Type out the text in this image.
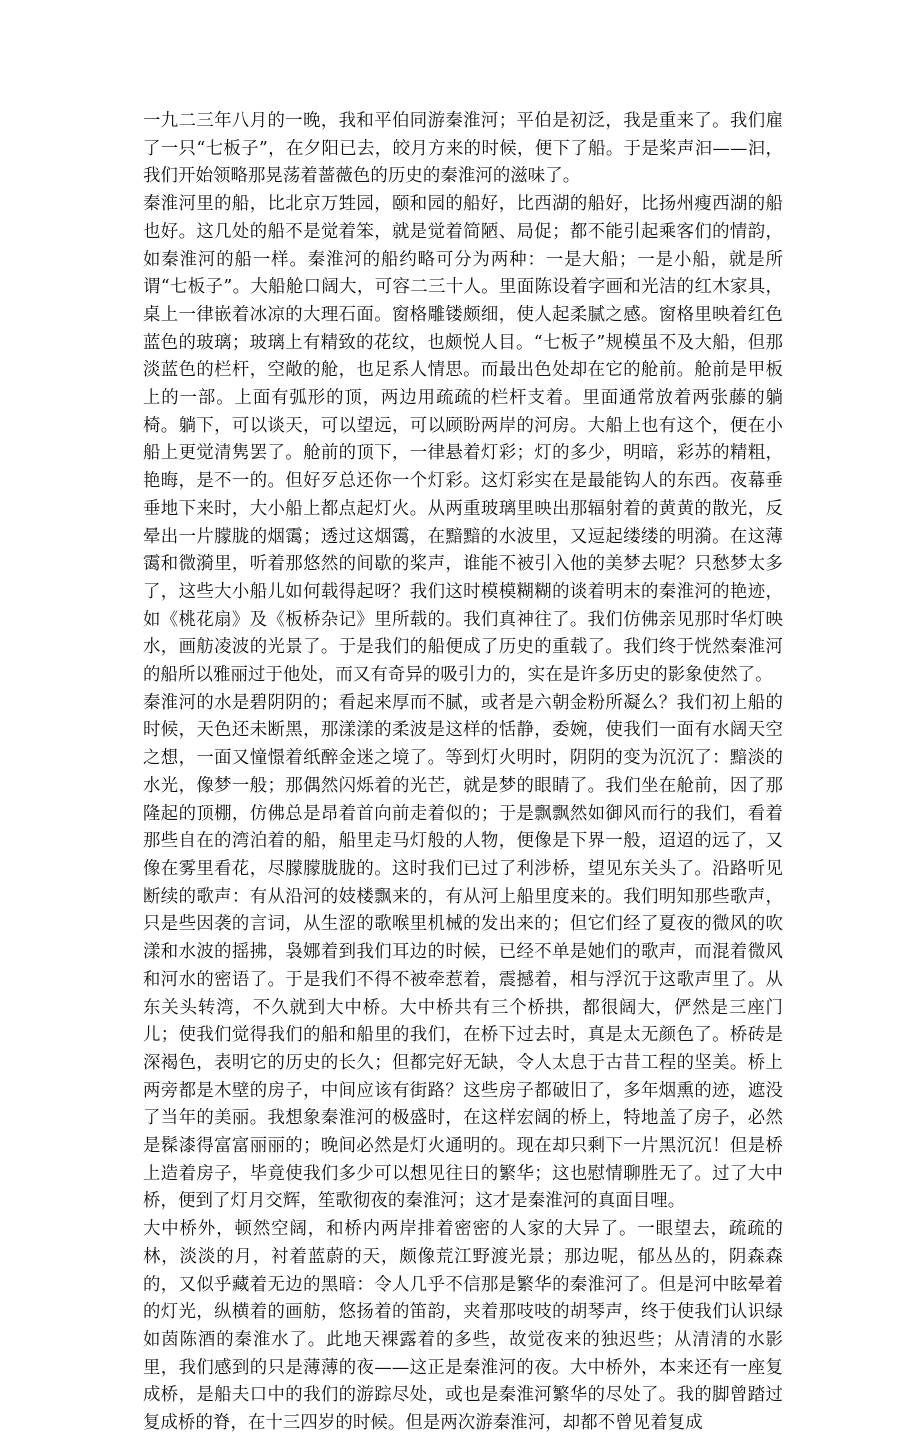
一九二三年八月的一晚，我和平伯同游秦淮河；平伯是初泛，我是重来了。我们雇了一只“七板子”，在夕阳已去，皎月方来的时候，便下了船。于是桨声汩——汩，我们开始领略那晃荡着蔷薇色的历史的秦淮河的滋味了。

秦淮河里的船，比北京万甡园，颐和园的船好，比西湖的船好，比扬州瘦西湖的船也好。这几处的船不是觉着笨，就是觉着简陋、局促；都不能引起乘客们的情韵，如秦淮河的船一样。秦淮河的船约略可分为两种：一是大船；一是小船，就是所谓“七板子”。大船舱口阔大，可容二三十人。里面陈设着字画和光洁的红木家具，桌上一律嵌着冰凉的大理石面。窗格雕镂颇细，使人起柔腻之感。窗格里映着红色蓝色的玻璃；玻璃上有精致的花纹，也颇悦人目。“七板子”规模虽不及大船，但那淡蓝色的栏杆，空敞的舱，也足系人情思。而最出色处却在它的舱前。舱前是甲板上的一部。上面有弧形的顶，两边用疏疏的栏杆支着。里面通常放着两张藤的躺椅。躺下，可以谈天，可以望远，可以顾盼两岸的河房。大船上也有这个，便在小船上更觉清隽罢了。舱前的顶下，一律悬着灯彩；灯的多少，明暗，彩苏的精粗，艳晦，是不一的。但好歹总还你一个灯彩。这灯彩实在是最能钩人的东西。夜幕垂垂地下来时，大小船上都点起灯火。从两重玻璃里映出那辐射着的黄黄的散光，反晕出一片朦胧的烟霭；透过这烟霭，在黯黯的水波里，又逗起缕缕的明漪。在这薄霭和微漪里，听着那悠然的间歇的桨声，谁能不被引入他的美梦去呢？只愁梦太多了，这些大小船儿如何载得起呀？我们这时模模糊糊的谈着明末的秦淮河的艳迹，如《桃花扇》及《板桥杂记》里所载的。我们真神往了。我们仿佛亲见那时华灯映水，画舫凌波的光景了。于是我们的船便成了历史的重载了。我们终于恍然秦淮河的船所以雅丽过于他处，而又有奇异的吸引力的，实在是许多历史的影象使然了。

秦淮河的水是碧阴阴的；看起来厚而不腻，或者是六朝金粉所凝么？我们初上船的时候，天色还未断黑，那漾漾的柔波是这样的恬静，委婉，使我们一面有水阔天空之想，一面又憧憬着纸醉金迷之境了。等到灯火明时，阴阴的变为沉沉了：黯淡的水光，像梦一般；那偶然闪烁着的光芒，就是梦的眼睛了。我们坐在舱前，因了那隆起的顶棚，仿佛总是昂着首向前走着似的；于是飘飘然如御风而行的我们，看着那些自在的湾泊着的船，船里走马灯般的人物，便像是下界一般，迢迢的远了，又像在雾里看花，尽朦朦胧胧的。这时我们已过了利涉桥，望见东关头了。沿路听见断续的歌声：有从沿河的妓楼飘来的，有从河上船里度来的。我们明知那些歌声，只是些因袭的言词，从生涩的歌喉里机械的发出来的；但它们经了夏夜的微风的吹漾和水波的摇拂，袅娜着到我们耳边的时候，已经不单是她们的歌声，而混着微风和河水的密语了。于是我们不得不被牵惹着，震撼着，相与浮沉于这歌声里了。从东关头转湾，不久就到大中桥。大中桥共有三个桥拱，都很阔大，俨然是三座门儿；使我们觉得我们的船和船里的我们，在桥下过去时，真是太无颜色了。桥砖是深褐色，表明它的历史的长久；但都完好无缺，令人太息于古昔工程的坚美。桥上两旁都是木壁的房子，中间应该有街路？这些房子都破旧了，多年烟熏的迹，遮没了当年的美丽。我想象秦淮河的极盛时，在这样宏阔的桥上，特地盖了房子，必然是髹漆得富富丽丽的；晚间必然是灯火通明的。现在却只剩下一片黑沉沉！但是桥上造着房子，毕竟使我们多少可以想见往日的繁华；这也慰情聊胜无了。过了大中桥，便到了灯月交辉，笙歌彻夜的秦淮河；这才是秦淮河的真面目哩。

大中桥外，顿然空阔，和桥内两岸排着密密的人家的大异了。一眼望去，疏疏的林，淡淡的月，衬着蓝蔚的天，颇像荒江野渡光景；那边呢，郁丛丛的，阴森森的，又似乎藏着无边的黑暗：令人几乎不信那是繁华的秦淮河了。但是河中眩晕着的灯光，纵横着的画舫，悠扬着的笛韵，夹着那吱吱的胡琴声，终于使我们认识绿如茵陈酒的秦淮水了。此地天裸露着的多些，故觉夜来的独迟些；从清清的水影里，我们感到的只是薄薄的夜——这正是秦淮河的夜。大中桥外，本来还有一座复成桥，是船夫口中的我们的游踪尽处，或也是秦淮河繁华的尽处了。我的脚曾踏过复成桥的脊，在十三四岁的时候。但是两次游秦淮河，却都不曾见着复成
